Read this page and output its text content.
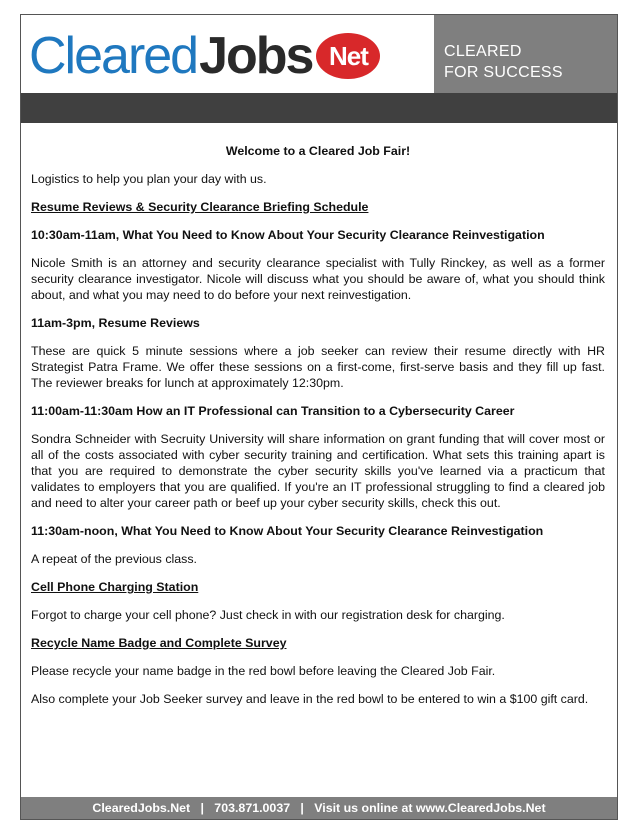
Cleared Jobs Net	CLEARED
FOR SUCCESS

Welcome to a Cleared Job Fair!

Logistics to help you plan your day with us.

Resume Reviews & Security Clearance Briefing Schedule

10:30am-11am, What You Need to Know About Your Security Clearance Reinvestigation

Nicole Smith is an attorney and security clearance specialist with Tully Rinckey, as well as a former security clearance investigator. Nicole will discuss what you should be aware of, what you should think about, and what you may need to do before your next reinvestigation.

11am-3pm, Resume Reviews

These are quick 5 minute sessions where a job seeker can review their resume directly with HR Strategist Patra Frame. We offer these sessions on a first-come, first-serve basis and they fill up fast. The reviewer breaks for lunch at approximately 12:30pm.

11:00am-11:30am How an IT Professional can Transition to a Cybersecurity Career

Sondra Schneider with Secruity University will share information on grant funding that will cover most or all of the costs associated with cyber security training and certification. What sets this training apart is that you are required to demonstrate the cyber security skills you've learned via a practicum that validates to employers that you are qualified. If you're an IT professional struggling to find a cleared job and need to alter your career path or beef up your cyber security skills, check this out.

11:30am-noon, What You Need to Know About Your Security Clearance Reinvestigation

A repeat of the previous class.

Cell Phone Charging Station

Forgot to charge your cell phone? Just check in with our registration desk for charging.

Recycle Name Badge and Complete Survey

Please recycle your name badge in the red bowl before leaving the Cleared Job Fair.

Also complete your Job Seeker survey and leave in the red bowl to be entered to win a $100 gift card.

ClearedJobs.Net   |   703.871.0037   |   Visit us online at www.ClearedJobs.Net
